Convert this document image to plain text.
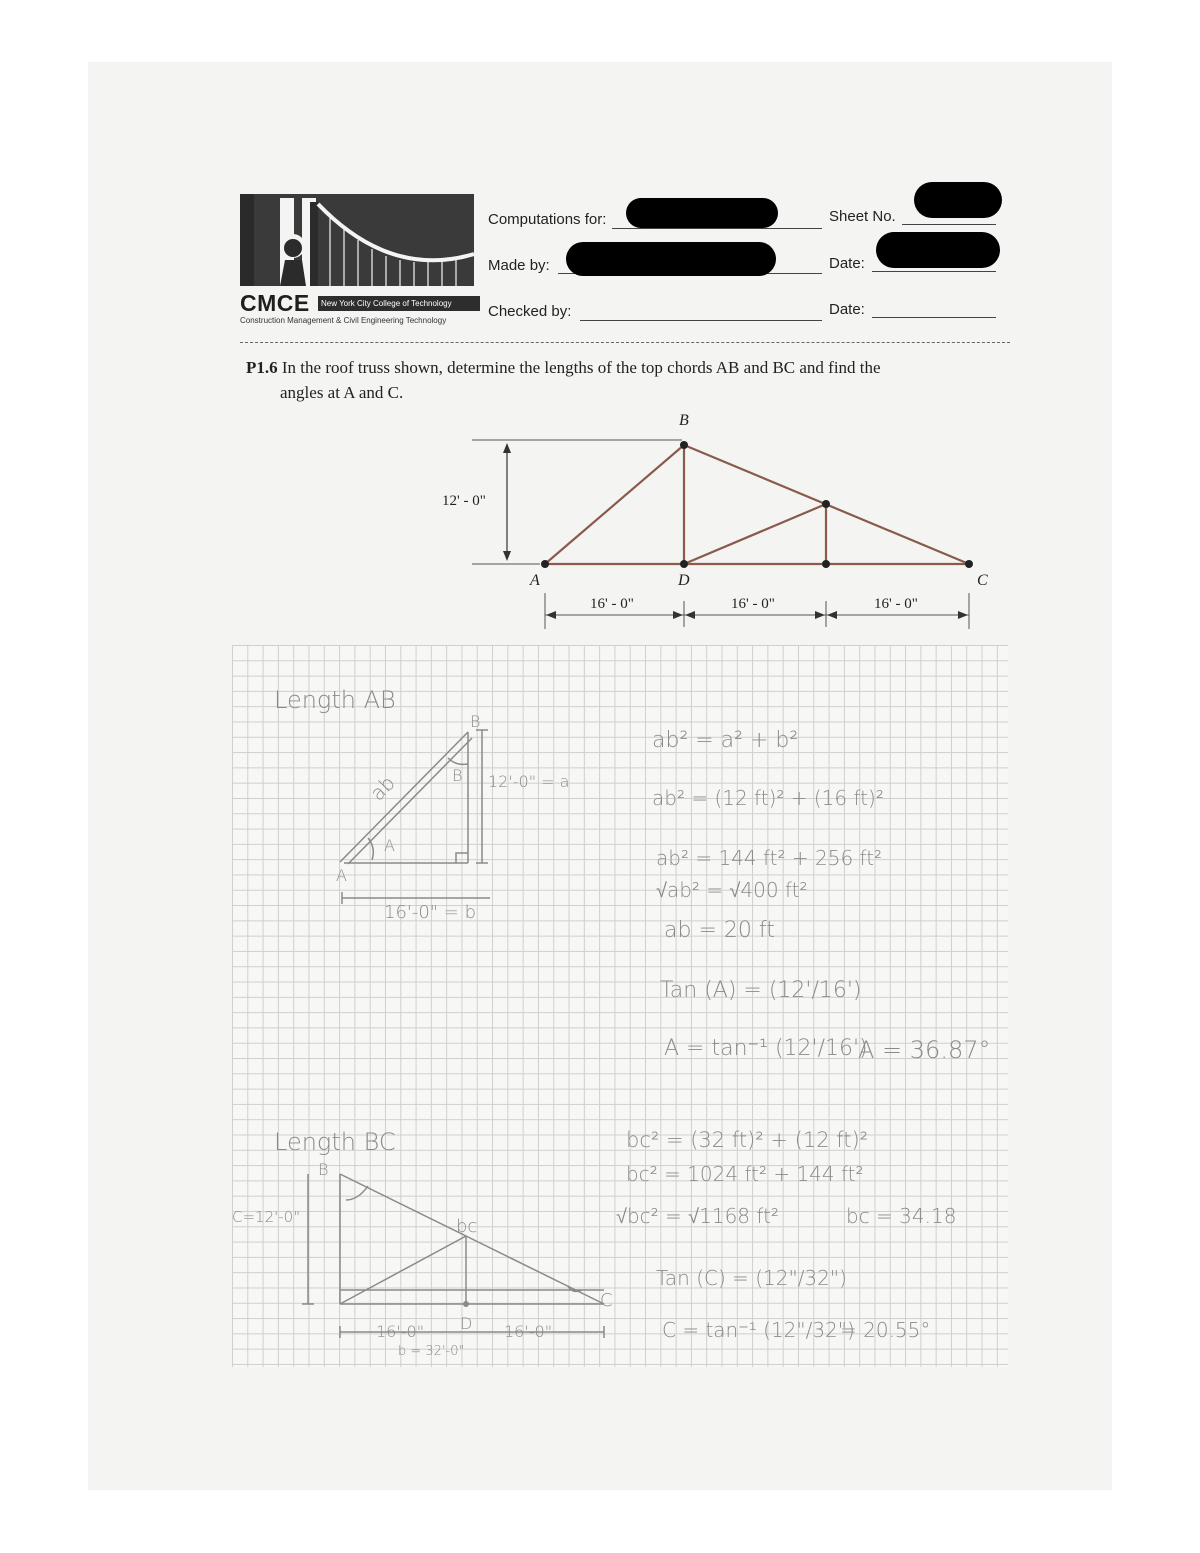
CMCE	New York City College of Technology
Construction Management & Civil Engineering Technology
Computations for:
Made by:
Checked by:
Sheet No.
Date:
Date:
P1.6 In the roof truss shown, determine the lengths of the top chords AB and BC and find the
angles at A and C.
12' - 0"
B
A	D	C
16' - 0"	16' - 0"	16' - 0"
Length AB
ab
B
B
A
A
12'-0" = a
16'-0" = b
ab² = a² + b²
ab² = (12 ft)² + (16 ft)²
ab² = 144 ft² + 256 ft²
√ab² = √400 ft²
ab = 20 ft
Tan (A) = (12'/16')
A = tan⁻¹ (12'/16')
A = 36.87°
Length BC
B
bc
C=12'-0"
C
D
16'-0"	16'-0"
b = 32'-0"
bc² = (32 ft)² + (12 ft)²
bc² = 1024 ft² + 144 ft²
√bc² = √1168 ft²	bc = 34.18
Tan (C) = (12"/32")
C = tan⁻¹ (12"/32")
= 20.55°
